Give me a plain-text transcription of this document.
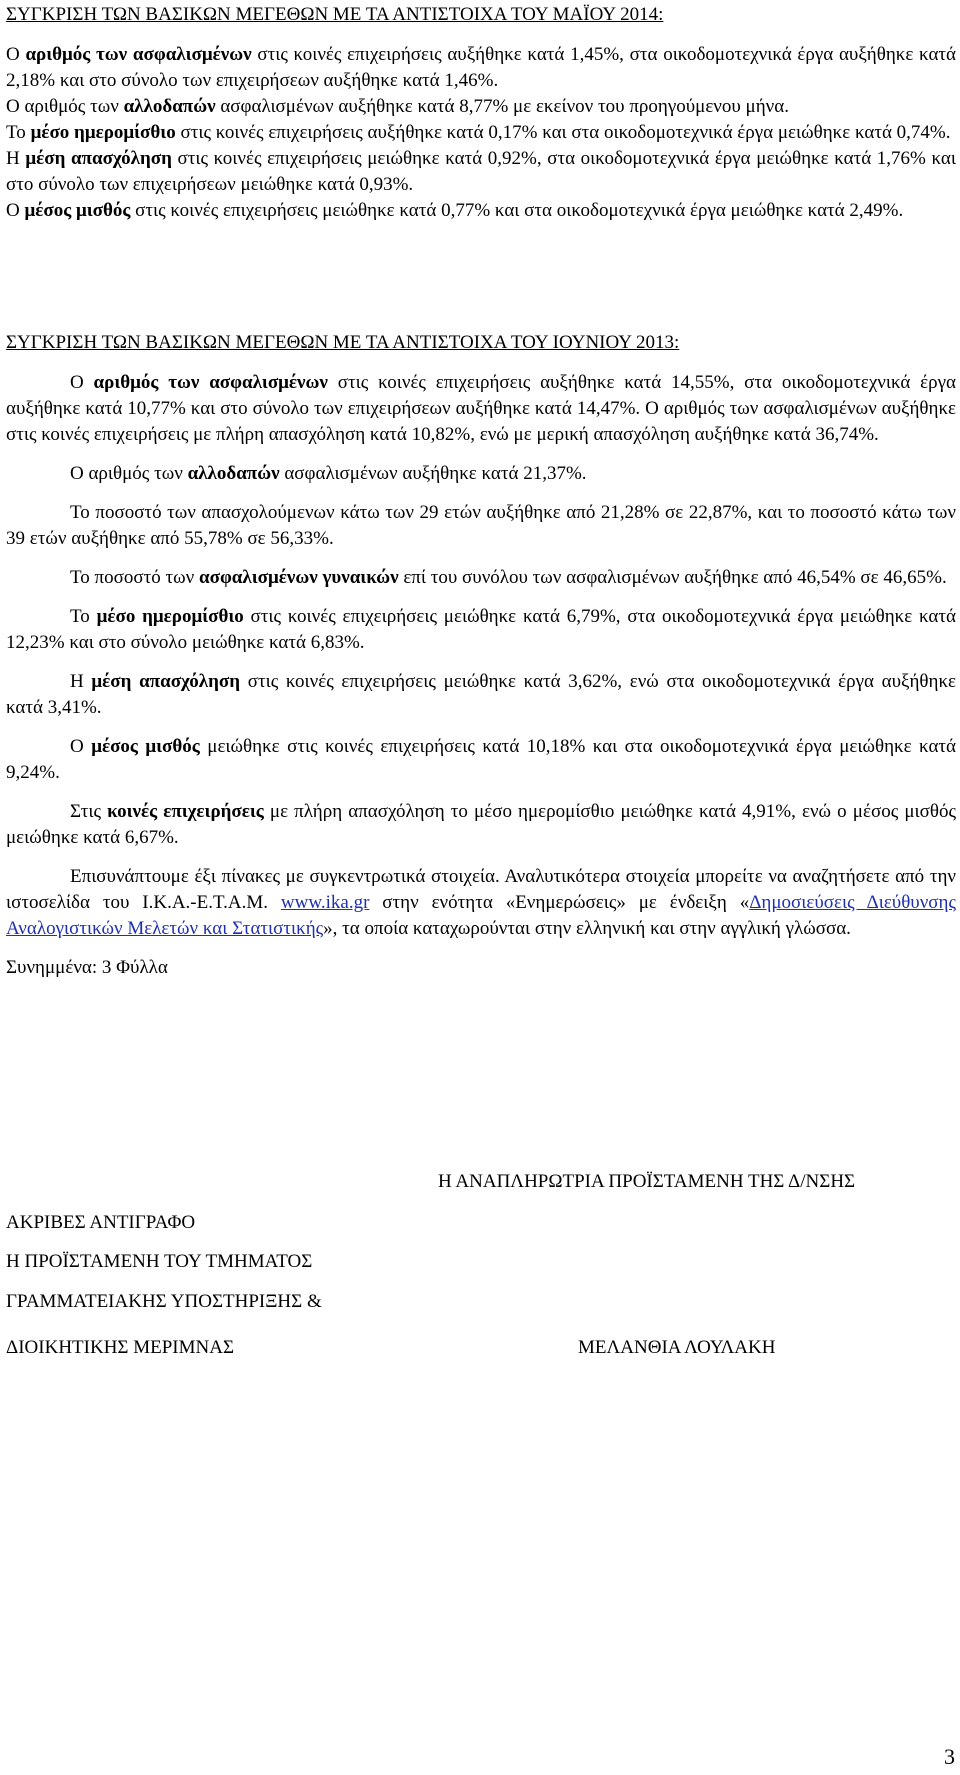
ΣΥΓΚΡΙΣΗ ΤΩΝ ΒΑΣΙΚΩΝ ΜΕΓΕΘΩΝ ΜΕ ΤΑ ΑΝΤΙΣΤΟΙΧΑ ΤΟΥ ΜΑΪΟΥ 2014:

Ο αριθμός των ασφαλισμένων στις κοινές επιχειρήσεις αυξήθηκε κατά 1,45%, στα οικοδομοτεχνικά έργα αυξήθηκε κατά 2,18% και στο σύνολο των επιχειρήσεων αυξήθηκε κατά 1,46%.

Ο αριθμός των αλλοδαπών ασφαλισμένων αυξήθηκε κατά 8,77% με εκείνον του προηγούμενου μήνα.

Το μέσο ημερομίσθιο στις κοινές επιχειρήσεις αυξήθηκε κατά 0,17% και στα οικοδομοτεχνικά έργα μειώθηκε κατά 0,74%.

Η μέση απασχόληση στις κοινές επιχειρήσεις μειώθηκε κατά 0,92%, στα οικοδομοτεχνικά έργα μειώθηκε κατά 1,76% και στο σύνολο των επιχειρήσεων μειώθηκε κατά 0,93%.

Ο μέσος μισθός στις κοινές επιχειρήσεις μειώθηκε κατά 0,77% και στα οικοδομοτεχνικά έργα μειώθηκε κατά 2,49%.

ΣΥΓΚΡΙΣΗ ΤΩΝ ΒΑΣΙΚΩΝ ΜΕΓΕΘΩΝ ΜΕ ΤΑ ΑΝΤΙΣΤΟΙΧΑ ΤΟΥ ΙΟΥΝΙΟΥ 2013:

Ο αριθμός των ασφαλισμένων στις κοινές επιχειρήσεις αυξήθηκε κατά 14,55%, στα οικοδομοτεχνικά έργα αυξήθηκε κατά 10,77% και στο σύνολο των επιχειρήσεων αυξήθηκε κατά 14,47%. Ο αριθμός των ασφαλισμένων αυξήθηκε στις κοινές επιχειρήσεις με πλήρη απασχόληση κατά 10,82%, ενώ με μερική απασχόληση αυξήθηκε κατά 36,74%.

Ο αριθμός των αλλοδαπών ασφαλισμένων αυξήθηκε κατά 21,37%.

Το ποσοστό των απασχολούμενων κάτω των 29 ετών αυξήθηκε από 21,28% σε 22,87%, και το ποσοστό κάτω των 39 ετών αυξήθηκε από 55,78% σε 56,33%.

Το ποσοστό των ασφαλισμένων γυναικών επί του συνόλου των ασφαλισμένων αυξήθηκε από 46,54% σε 46,65%.

Το μέσο ημερομίσθιο στις κοινές επιχειρήσεις μειώθηκε κατά 6,79%, στα οικοδομοτεχνικά έργα μειώθηκε κατά 12,23% και στο σύνολο μειώθηκε κατά 6,83%.

Η μέση απασχόληση στις κοινές επιχειρήσεις μειώθηκε κατά 3,62%, ενώ στα οικοδομοτεχνικά έργα αυξήθηκε κατά 3,41%.

Ο μέσος μισθός μειώθηκε στις κοινές επιχειρήσεις κατά 10,18% και στα οικοδομοτεχνικά έργα μειώθηκε κατά 9,24%.

Στις κοινές επιχειρήσεις με πλήρη απασχόληση το μέσο ημερομίσθιο μειώθηκε κατά 4,91%, ενώ ο μέσος μισθός μειώθηκε κατά 6,67%.

Επισυνάπτουμε έξι πίνακες με συγκεντρωτικά στοιχεία. Αναλυτικότερα στοιχεία μπορείτε να αναζητήσετε από την ιστοσελίδα του Ι.Κ.Α.-Ε.Τ.Α.Μ. www.ika.gr στην ενότητα «Ενημερώσεις» με ένδειξη «Δημοσιεύσεις Διεύθυνσης Αναλογιστικών Μελετών και Στατιστικής», τα οποία καταχωρούνται στην ελληνική και στην αγγλική γλώσσα.

Συνημμένα: 3 Φύλλα

Η ΑΝΑΠΛΗΡΩΤΡΙΑ ΠΡΟΪΣΤΑΜΕΝΗ ΤΗΣ Δ/ΝΣΗΣ

ΑΚΡΙΒΕΣ ΑΝΤΙΓΡΑΦΟ

Η ΠΡΟΪΣΤΑΜΕΝΗ ΤΟΥ ΤΜΗΜΑΤΟΣ

ΓΡΑΜΜΑΤΕΙΑΚΗΣ ΥΠΟΣΤΗΡΙΞΗΣ &

ΔΙΟΙΚΗΤΙΚΗΣ ΜΕΡΙΜΝΑΣ	ΜΕΛΑΝΘΙΑ ΛΟΥΛΑΚΗ

3
